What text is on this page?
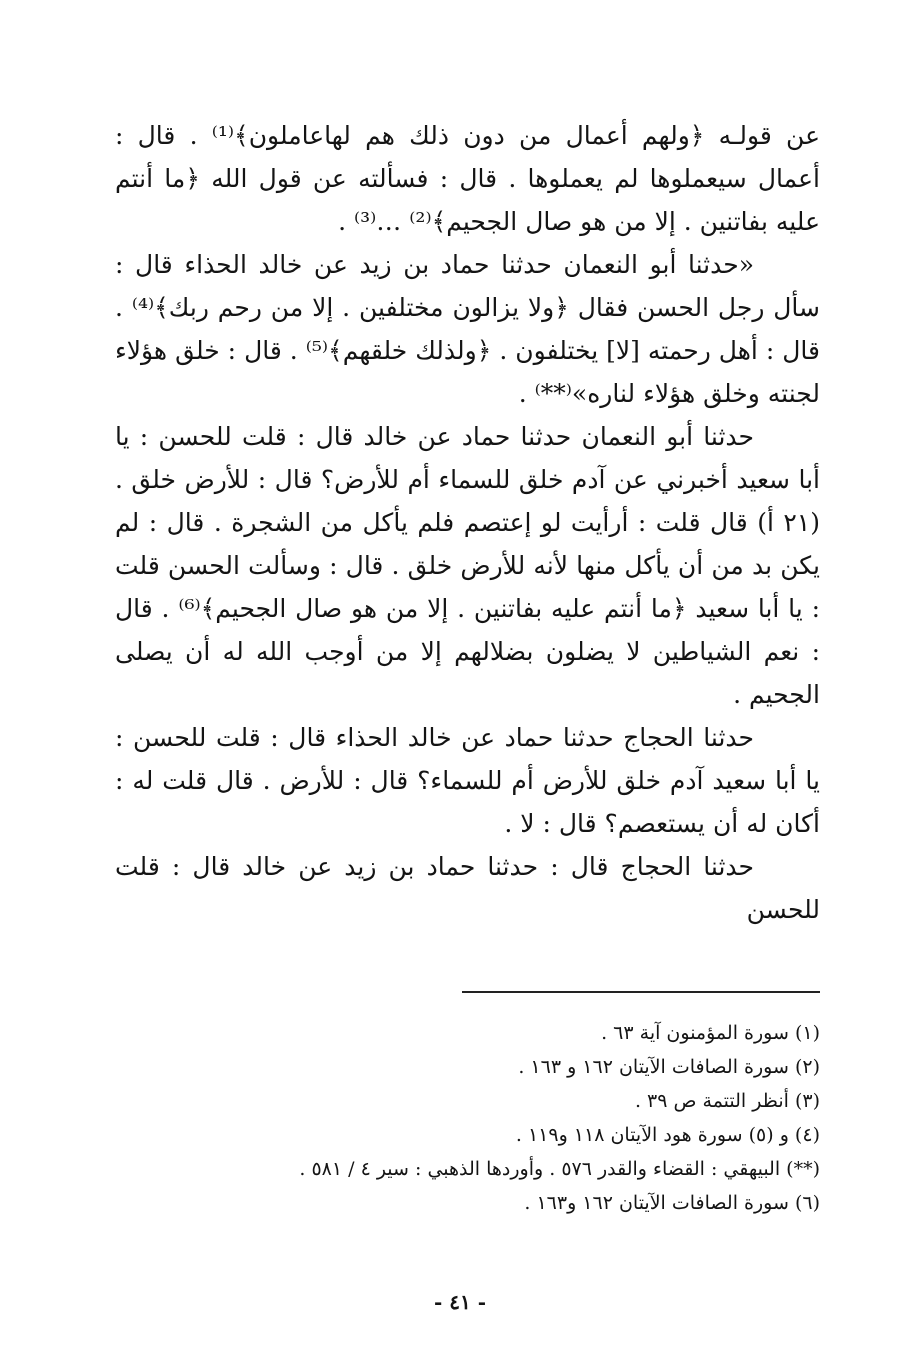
عن قولـه ﴿ولهم أعمال من دون ذلك هم لهاعاملون﴾⁽¹⁾ . قال : أعمال سيعملوها لم يعملوها . قال : فسألته عن قول الله ﴿ما أنتم عليه بفاتنين . إلا من هو صال الجحيم﴾⁽²⁾ …⁽³⁾ .

«حدثنا أبو النعمان حدثنا حماد بن زيد عن خالد الحذاء قال : سأل رجل الحسن فقال ﴿ولا يزالون مختلفين . إلا من رحم ربك﴾⁽⁴⁾ . قال : أهل رحمته [لا] يختلفون . ﴿ولذلك خلقهم﴾⁽⁵⁾ . قال : خلق هؤلاء لجنته وخلق هؤلاء لناره»⁽**⁾ .

حدثنا أبو النعمان حدثنا حماد عن خالد قال : قلت للحسن : يا أبا سعيد أخبرني عن آدم خلق للسماء أم للأرض؟ قال : للأرض خلق . (٢١ أ) قال قلت : أرأيت لو إعتصم فلم يأكل من الشجرة . قال : لم يكن بد من أن يأكل منها لأنه للأرض خلق . قال : وسألت الحسن قلت : يا أبا سعيد ﴿ما أنتم عليه بفاتنين . إلا من هو صال الجحيم﴾⁽⁶⁾ . قال : نعم الشياطين لا يضلون بضلالهم إلا من أوجب الله له أن يصلى الجحيم .

حدثنا الحجاج حدثنا حماد عن خالد الحذاء قال : قلت للحسن : يا أبا سعيد آدم خلق للأرض أم للسماء؟ قال : للأرض . قال قلت له : أكان له أن يستعصم؟ قال : لا .

حدثنا الحجاج قال : حدثنا حماد بن زيد عن خالد قال : قلت للحسن

(١) سورة المؤمنون آية ٦٣ .
(٢) سورة الصافات الآيتان ١٦٢ و ١٦٣ .
(٣) أنظر التتمة ص ٣٩ .
(٤) و (٥) سورة هود الآيتان ١١٨ و١١٩ .
(**) البيهقي : القضاء والقدر ٥٧٦ . وأوردها الذهبي : سير ٤ / ٥٨١ .
(٦) سورة الصافات الآيتان ١٦٢ و١٦٣ .
- ٤١ -
